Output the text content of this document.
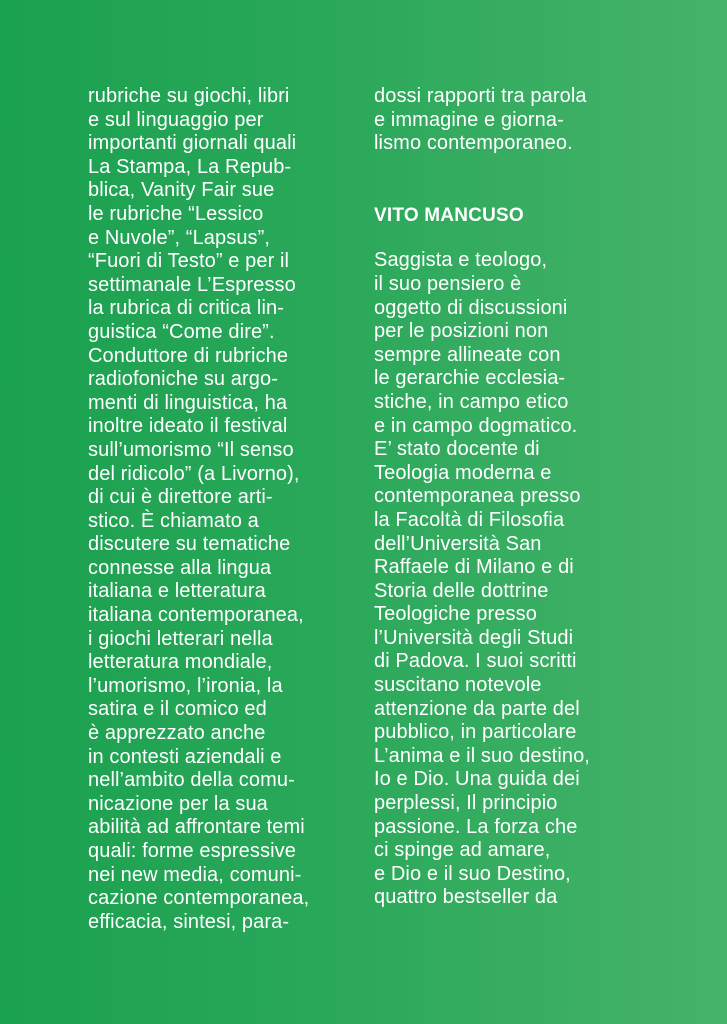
rubriche su giochi, libri
e sul linguaggio per
importanti giornali quali
La Stampa, La Repub-
blica, Vanity Fair sue
le rubriche “Lessico
e Nuvole”, “Lapsus”,
“Fuori di Testo” e per il
settimanale L’Espresso
la rubrica di critica lin-
guistica “Come dire”.
Conduttore di rubriche
radiofoniche su argo-
menti di linguistica, ha
inoltre ideato il festival
sull’umorismo “Il senso
del ridicolo” (a Livorno),
di cui è direttore arti-
stico. È chiamato a
discutere su tematiche
connesse alla lingua
italiana e letteratura
italiana contemporanea,
i giochi letterari nella
letteratura mondiale,
l’umorismo, l’ironia, la
satira e il comico ed
è apprezzato anche
in contesti aziendali e
nell’ambito della comu-
nicazione per la sua
abilità ad affrontare temi
quali: forme espressive
nei new media, comuni-
cazione contemporanea,
efficacia, sintesi, para-
dossi rapporti tra parola
e immagine e giorna-
lismo contemporaneo.
VITO MANCUSO
Saggista e teologo,
il suo pensiero è
oggetto di discussioni
per le posizioni non
sempre allineate con
le gerarchie ecclesia-
stiche, in campo etico
e in campo dogmatico.
E’ stato docente di
Teologia moderna e
contemporanea presso
la Facoltà di Filosofia
dell’Università San
Raffaele di Milano e di
Storia delle dottrine
Teologiche presso
l’Università degli Studi
di Padova. I suoi scritti
suscitano notevole
attenzione da parte del
pubblico, in particolare
L’anima e il suo destino,
Io e Dio. Una guida dei
perplessi, Il principio
passione. La forza che
ci spinge ad amare,
e Dio e il suo Destino,
quattro bestseller da
